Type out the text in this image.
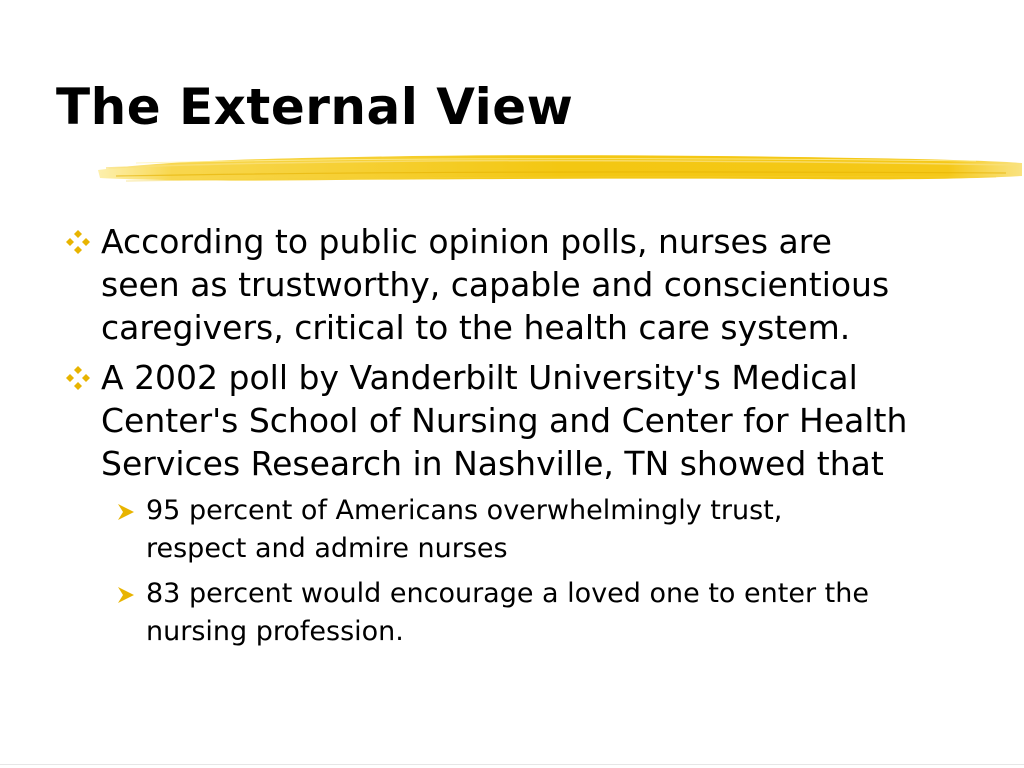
The External View
According to public opinion polls, nurses are
seen as trustworthy, capable and conscientious
caregivers, critical to the health care system.
A 2002 poll by Vanderbilt University's Medical
Center's School of Nursing and Center for Health
Services Research in Nashville, TN showed that
95 percent of Americans overwhelmingly trust,
respect and admire nurses
83 percent would encourage a loved one to enter the
nursing profession.
